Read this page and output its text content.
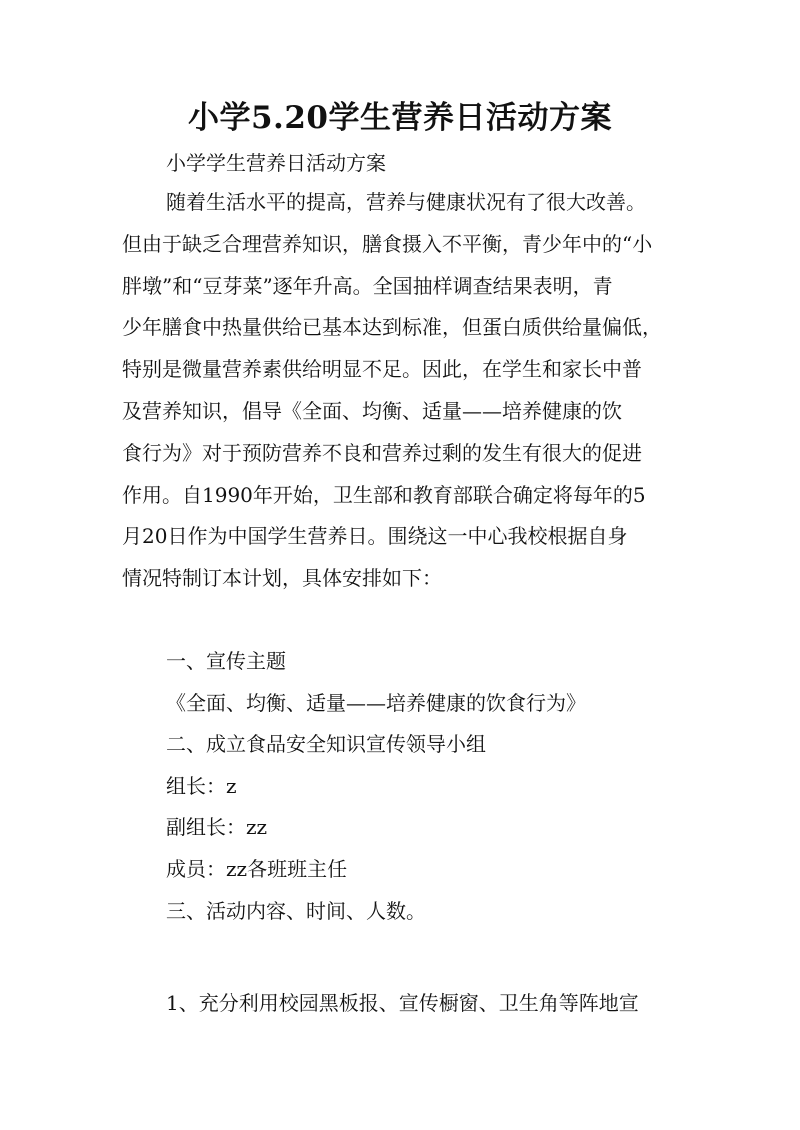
小学5.20学生营养日活动方案
小学学生营养日活动方案
随着生活水平的提高，营养与健康状况有了很大改善。
但由于缺乏合理营养知识，膳食摄入不平衡，青少年中的“小
胖墩”和“豆芽菜”逐年升高。全国抽样调查结果表明，青
少年膳食中热量供给已基本达到标准，但蛋白质供给量偏低，
特别是微量营养素供给明显不足。因此，在学生和家长中普
及营养知识，倡导《全面、均衡、适量——培养健康的饮
食行为》对于预防营养不良和营养过剩的发生有很大的促进
作用。自1990年开始，卫生部和教育部联合确定将每年的5
月20日作为中国学生营养日。围绕这一中心我校根据自身
情况特制订本计划，具体安排如下：
一、宣传主题
《全面、均衡、适量——培养健康的饮食行为》
二、成立食品安全知识宣传领导小组
组长：z
副组长：zz
成员：zz各班班主任
三、活动内容、时间、人数。
1、充分利用校园黑板报、宣传橱窗、卫生角等阵地宣
